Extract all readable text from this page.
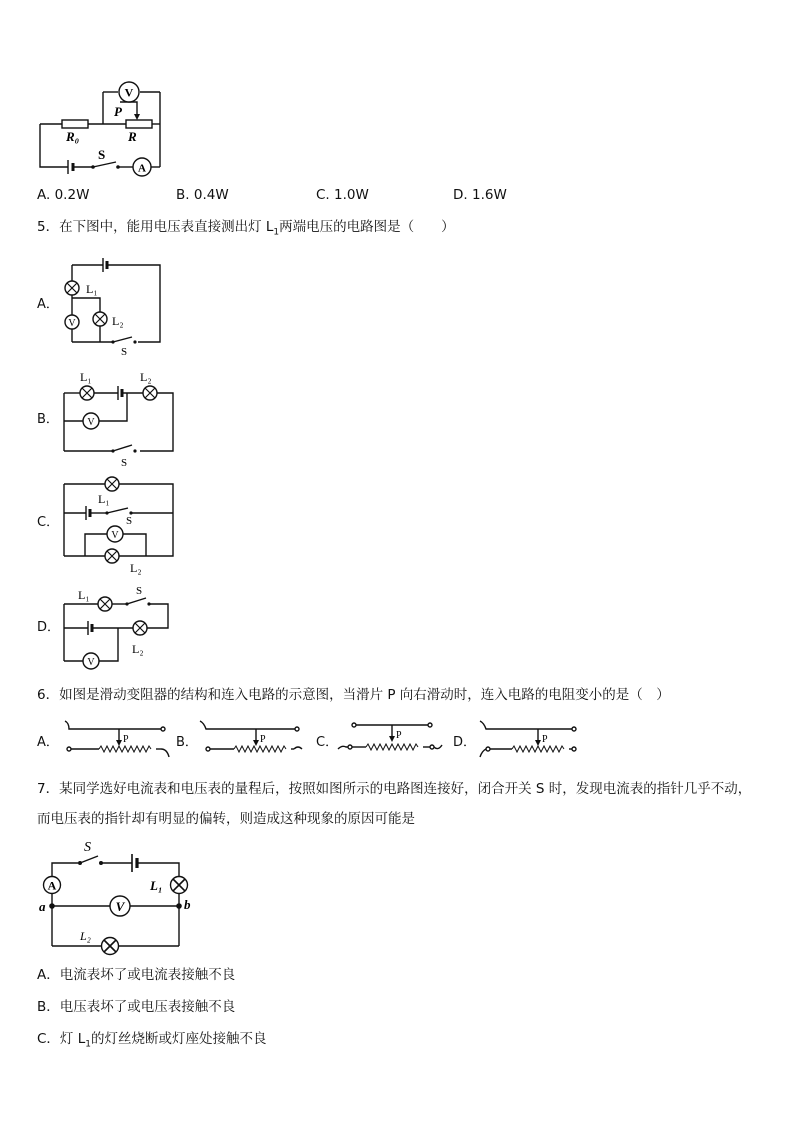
V
A
P
R₀	R
S
A. 0.2W	B. 0.4W	C. 1.0W	D. 1.6W
5．在下图中，能用电压表直接测出灯 $L_1$两端电压的电路图是（　　）
A．
V
L₁
L₂
S
B．	V
L₁	L₂
S
C．
V
L₁
S
L₂
D．
V
L₁	S
L₂
6．如图是滑动变阻器的结构和连入电路的示意图，当滑片 P 向右滑动时，连入电路的电阻变小的是（　）
A．	P	B．	P	C．	P	D．	P
7．某同学选好电流表和电压表的量程后，按照如图所示的电路图连接好，闭合开关 S 时，发现电流表的指针几乎不动，
而电压表的指针却有明显的偏转，则造成这种现象的原因可能是
A
V
S
L₁
a	b
L₂
A．电流表坏了或电流表接触不良
B．电压表坏了或电压表接触不良
C．灯 $L_1$的灯丝烧断或灯座处接触不良
